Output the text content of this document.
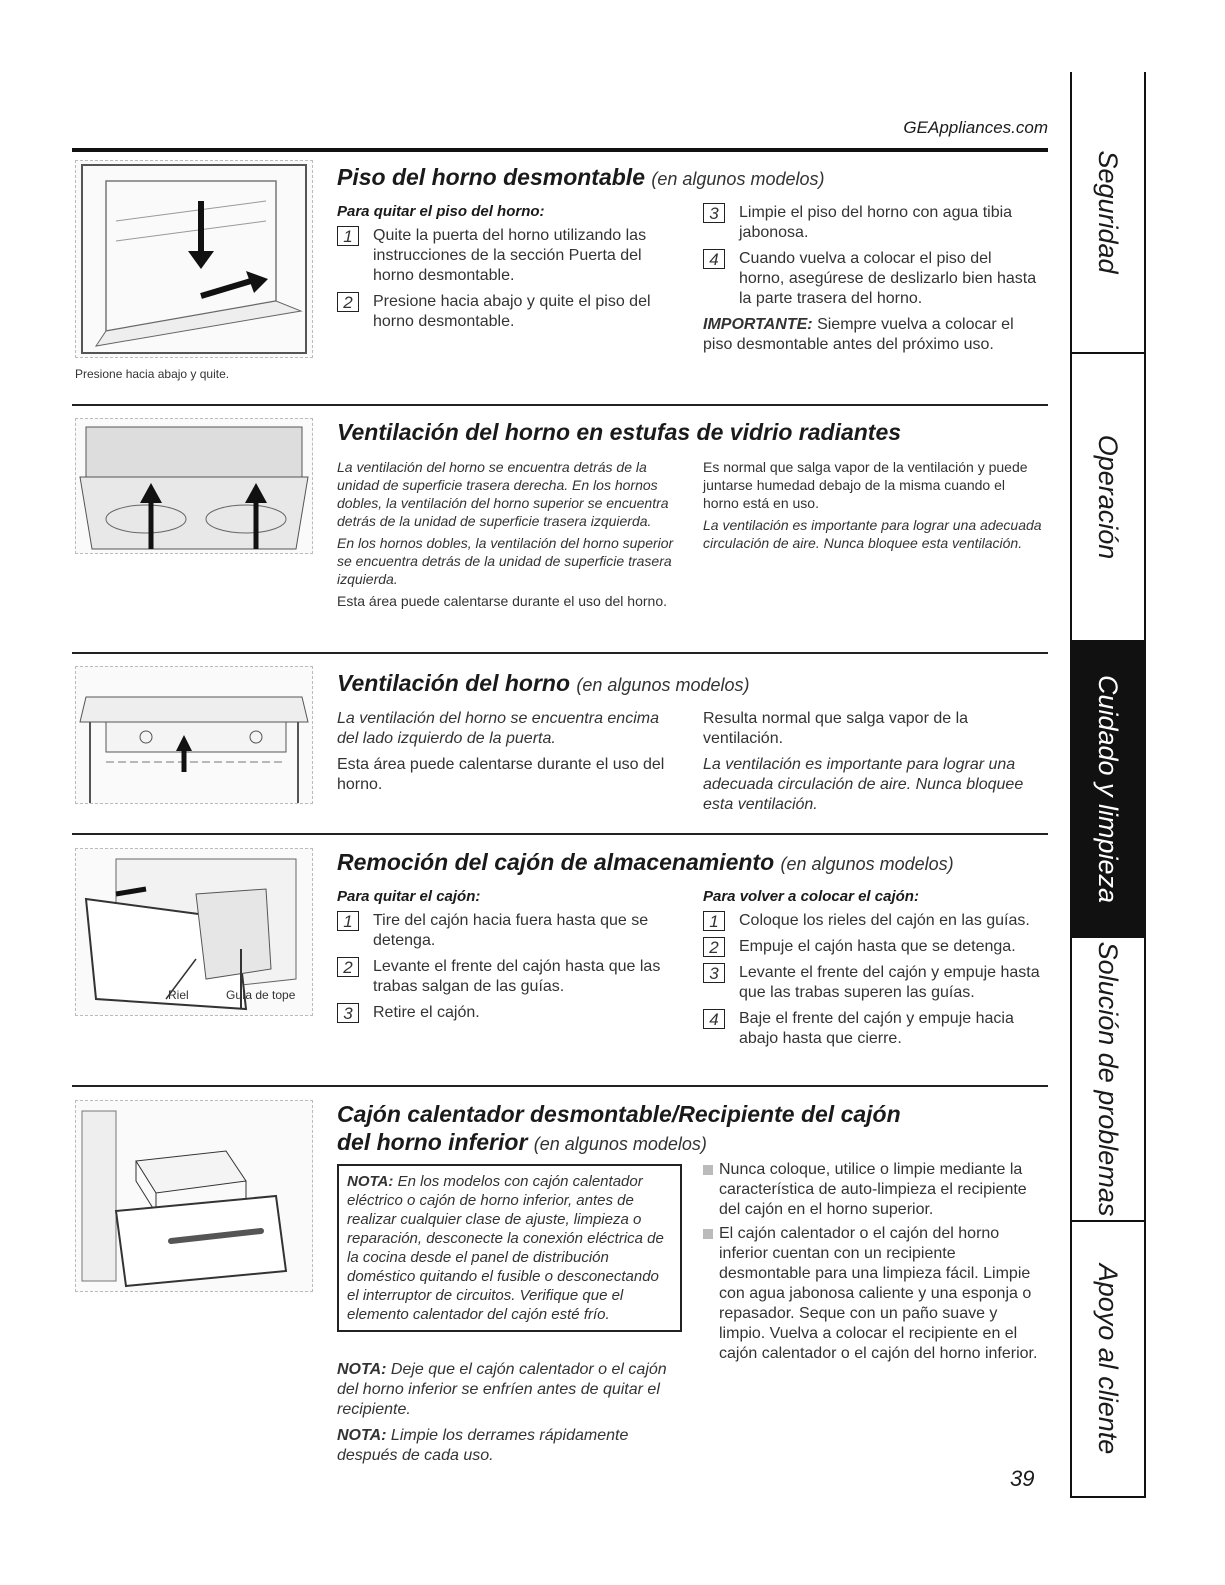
GEAppliances.com
Presione hacia abajo y quite.
Piso del horno desmontable (en algunos modelos)
Para quitar el piso del horno:
1	Quite la puerta del horno utilizando las instrucciones de la sección Puerta del horno desmontable.
2	Presione hacia abajo y quite el piso del horno desmontable.
3	Limpie el piso del horno con agua tibia jabonosa.
4	Cuando vuelva a colocar el piso del horno, asegúrese de deslizarlo bien hasta la parte trasera del horno.

IMPORTANTE: Siempre vuelva a colocar el piso desmontable antes del próximo uso.

Ventilación del horno en estufas de vidrio radiantes

La ventilación del horno se encuentra detrás de la unidad de superficie trasera derecha. En los hornos dobles, la ventilación del horno superior se encuentra detrás de la unidad de superficie trasera izquierda.

En los hornos dobles, la ventilación del horno superior se encuentra detrás de la unidad de superficie trasera izquierda.

Esta área puede calentarse durante el uso del horno.

Es normal que salga vapor de la ventilación y puede juntarse humedad debajo de la misma cuando el horno está en uso.

La ventilación es importante para lograr una adecuada circulación de aire. Nunca bloquee esta ventilación.

Ventilación del horno (en algunos modelos)

La ventilación del horno se encuentra encima del lado izquierdo de la puerta.

Esta área puede calentarse durante el uso del horno.

Resulta normal que salga vapor de la ventilación.

La ventilación es importante para lograr una adecuada circulación de aire. Nunca bloquee esta ventilación.

Riel	Guía de tope
Remoción del cajón de almacenamiento (en algunos modelos)
Para quitar el cajón:
1	Tire del cajón hacia fuera hasta que se detenga.
2	Levante el frente del cajón hasta que las trabas salgan de las guías.
3	Retire el cajón.
Para volver a colocar el cajón:
1	Coloque los rieles del cajón en las guías.
2	Empuje el cajón hasta que se detenga.
3	Levante el frente del cajón y empuje hasta que las trabas superen las guías.
4	Baje el frente del cajón y empuje hacia abajo hasta que cierre.
Cajón calentador desmontable/Recipiente del cajón
del horno inferior (en algunos modelos)
NOTA: En los modelos con cajón calentador eléctrico o cajón de horno inferior, antes de realizar cualquier clase de ajuste, limpieza o reparación, desconecte la conexión eléctrica de la cocina desde el panel de distribución doméstico quitando el fusible o desconectando el interruptor de circuitos. Verifique que el elemento calentador del cajón esté frío.

NOTA: Deje que el cajón calentador o el cajón del horno inferior se enfríen antes de quitar el recipiente.

NOTA: Limpie los derrames rápidamente después de cada uso.

Nunca coloque, utilice o limpie mediante la característica de auto-limpieza el recipiente del cajón en el horno superior.
El cajón calentador o el cajón del horno inferior cuentan con un recipiente desmontable para una limpieza fácil. Limpie con agua jabonosa caliente y una esponja o repasador. Seque con un paño suave y limpio. Vuelva a colocar el recipiente en el cajón calentador o el cajón del horno inferior.
39
Seguridad
Operación
Cuidado y limpieza
Solución de problemas
Apoyo al cliente
